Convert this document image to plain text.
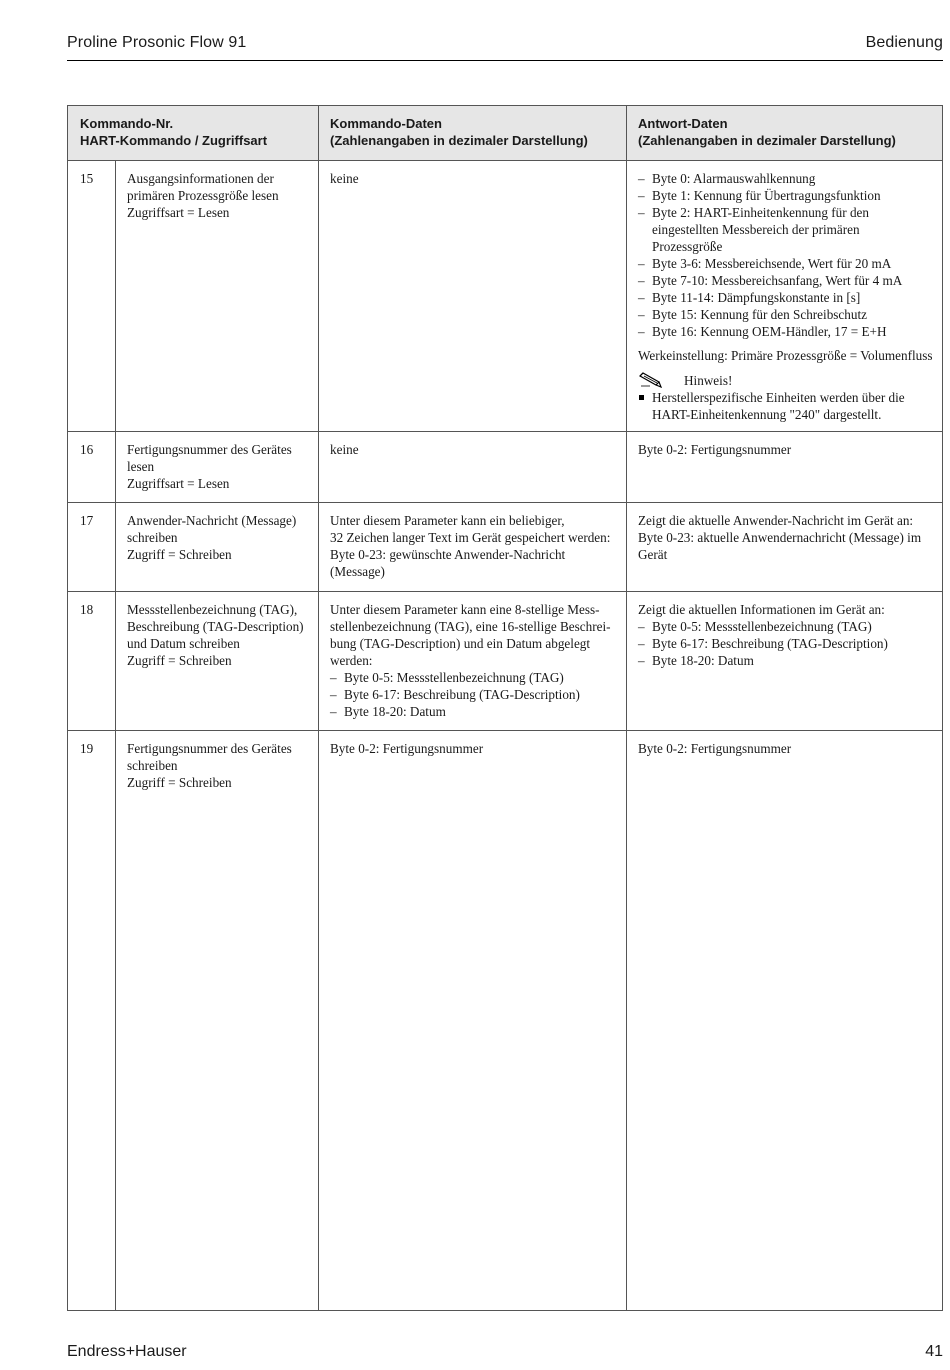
Proline Prosonic Flow 91	Bedienung
Kommando-Nr.
HART-Kommando / Zugriffsart
Kommando-Daten
(Zahlenangaben in dezimaler Darstellung)
Antwort-Daten
(Zahlenangaben in dezimaler Darstellung)
15	Ausgangsinformationen der
primären Prozessgröße lesen
Zugriffsart = Lesen
keine
–	Byte 0: Alarmauswahlkennung
– Byte 1: Kennung für Übertragungsfunktion
– Byte 2: HART-Einheitenkennung für den
eingestellten Messbereich der primären
Prozessgröße
– Byte 3-6: Messbereichsende, Wert für 20 mA
– Byte 7-10: Messbereichsanfang, Wert für 4 mA
– Byte 11-14: Dämpfungskonstante in [s]
– Byte 15: Kennung für den Schreibschutz
– Byte 16: Kennung OEM-Händler, 17 = E+H
Werkeinstellung: Primäre Prozessgröße = Volumenfluss
Hinweis!
Herstellerspezifische Einheiten werden über die
HART-Einheitenkennung "240" dargestellt.
16	Fertigungsnummer des Gerätes
lesen
Zugriffsart = Lesen
keine	Byte 0-2: Fertigungsnummer
17	Anwender-Nachricht (Message)
schreiben
Zugriff = Schreiben
Unter diesem Parameter kann ein beliebiger,
32 Zeichen langer Text im Gerät gespeichert werden:
Byte 0-23: gewünschte Anwender-Nachricht
(Message)
Zeigt die aktuelle Anwender-Nachricht im Gerät an:
Byte 0-23: aktuelle Anwendernachricht (Message) im
Gerät
18	Messstellenbezeichnung (TAG),
Beschreibung (TAG-Description)
und Datum schreiben
Zugriff = Schreiben
Unter diesem Parameter kann eine 8-stellige Mess-
stellenbezeichnung (TAG), eine 16-stellige Beschrei-
bung (TAG-Description) und ein Datum abgelegt
werden:
– Byte 0-5: Messstellenbezeichnung (TAG)
– Byte 6-17: Beschreibung (TAG-Description)
– Byte 18-20: Datum
Zeigt die aktuellen Informationen im Gerät an:
– Byte 0-5: Messstellenbezeichnung (TAG)
– Byte 6-17: Beschreibung (TAG-Description)
– Byte 18-20: Datum
19	Fertigungsnummer des Gerätes
schreiben
Zugriff = Schreiben
Byte 0-2: Fertigungsnummer	Byte 0-2: Fertigungsnummer
Endress+Hauser	41
